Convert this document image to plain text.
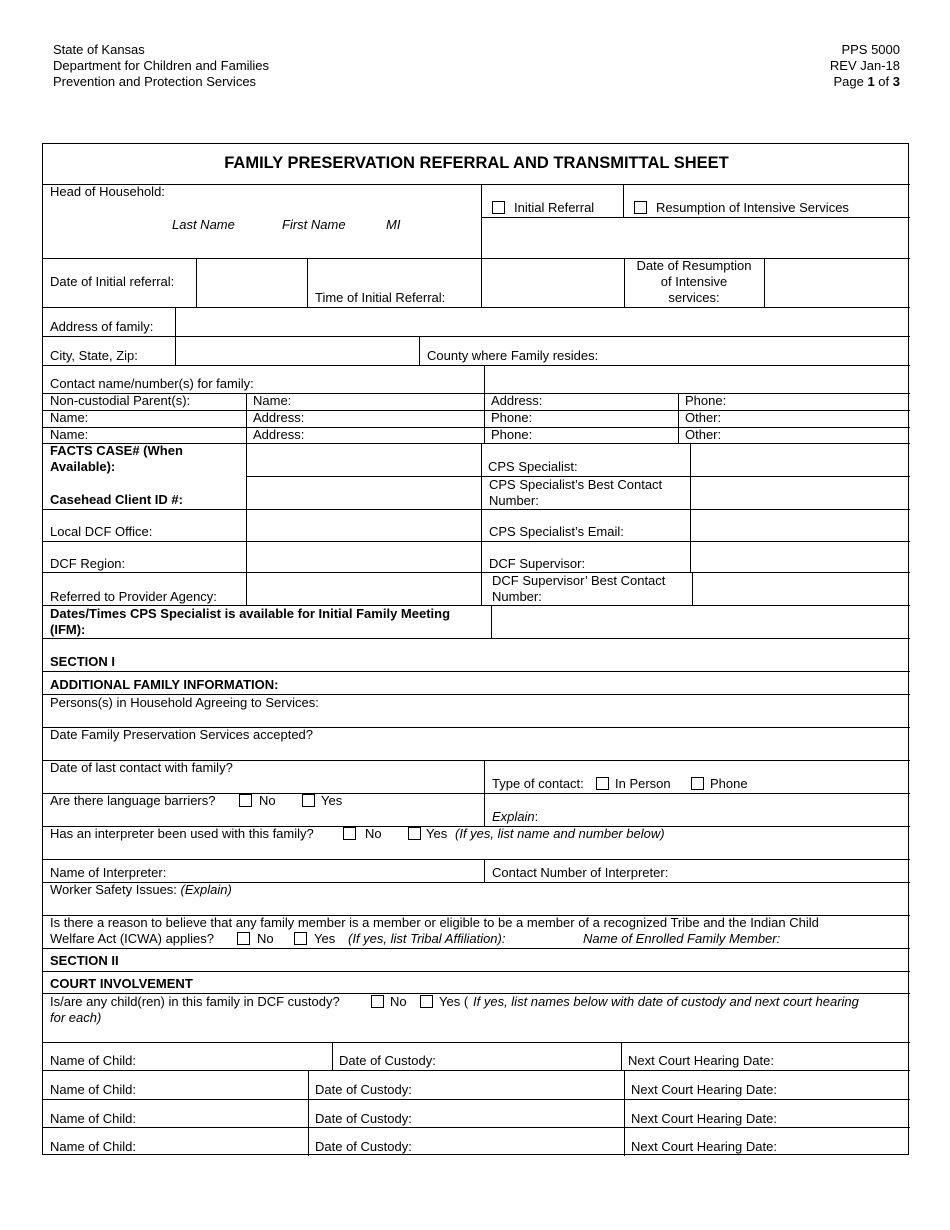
State of Kansas
Department for Children and Families
Prevention and Protection Services
PPS 5000
REV Jan-18
Page 1 of 3
FAMILY PRESERVATION REFERRAL AND TRANSMITTAL SHEET
Head of Household:
Initial Referral	Resumption of Intensive Services
Last Name	First Name	MI
Date of Initial referral:
Time of Initial Referral:
Date of Resumption
of Intensive
services:
Address of family:
City, State, Zip:	County where Family resides:
Contact name/number(s) for family:
Non-custodial Parent(s):	Name:	Address:	Phone:
Name:	Address:	Phone:	Other:
Name:	Address:	Phone:	Other:
FACTS CASE# (When
Available):	CPS Specialist:
Casehead Client ID #:
CPS Specialist’s Best Contact
Number:
Local DCF Office:	CPS Specialist’s Email:
DCF Region:	DCF Supervisor:
Referred to Provider Agency:
DCF Supervisor’ Best Contact
Number:
Dates/Times CPS Specialist is available for Initial Family Meeting
(IFM):
SECTION I
ADDITIONAL FAMILY INFORMATION:
Persons(s) in Household Agreeing to Services:
Date Family Preservation Services accepted?
Date of last contact with family?
Type of contact: In Person	Phone
Are there language barriers?	No	Yes
Explain:
Has an interpreter been used with this family?	No	Yes (If yes, list name and number below)
Name of Interpreter:	Contact Number of Interpreter:
Worker Safety Issues: (Explain)
Is there a reason to believe that any family member is a member or eligible to be a member of a recognized Tribe and the Indian Child
Welfare Act (ICWA) applies?	No	Yes (If yes, list Tribal Affiliation):	Name of Enrolled Family Member:
SECTION II
COURT INVOLVEMENT
Is/are any child(ren) in this family in DCF custody?	No Yes ( If yes, list names below with date of custody and next court hearing
for each)
Name of Child:	Date of Custody:	Next Court Hearing Date:
Name of Child:	Date of Custody:	Next Court Hearing Date:
Name of Child:	Date of Custody:	Next Court Hearing Date:
Name of Child:	Date of Custody:	Next Court Hearing Date:
